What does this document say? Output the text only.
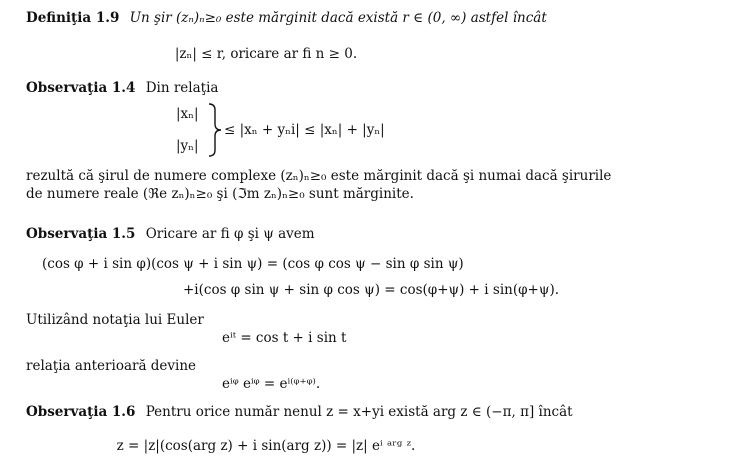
Definiţia 1.9 Un şir (zₙ)ₙ≥₀ este mărginit dacă există r ∈ (0, ∞) astfel încât
|zₙ| ≤ r, oricare ar fi n ≥ 0.
Observaţia 1.4 Din relaţia
|xₙ|
|yₙ|
≤ |xₙ + yₙi| ≤ |xₙ| + |yₙ|
rezultă că şirul de numere complexe (zₙ)ₙ≥₀ este mărginit dacă şi numai dacă şirurile
de numere reale (ℜe zₙ)ₙ≥₀ şi (ℑm zₙ)ₙ≥₀ sunt mărginite.
Observaţia 1.5 Oricare ar fi φ şi ψ avem
(cos φ + i sin φ)(cos ψ + i sin ψ) = (cos φ cos ψ − sin φ sin ψ)
+i(cos φ sin ψ + sin φ cos ψ) = cos(φ+ψ) + i sin(φ+ψ).
Utilizând notaţia lui Euler
eⁱᵗ = cos t + i sin t
relaţia anterioară devine
eⁱᵠ eⁱᵠ = eⁱ⁽ᵠ⁺ᵠ⁾.
Observaţia 1.6 Pentru orice număr nenul z = x+yi există arg z ∈ (−π, π] încât
z = |z|(cos(arg z) + i sin(arg z)) = |z| eⁱ ᵃʳᵍ ᶻ.
